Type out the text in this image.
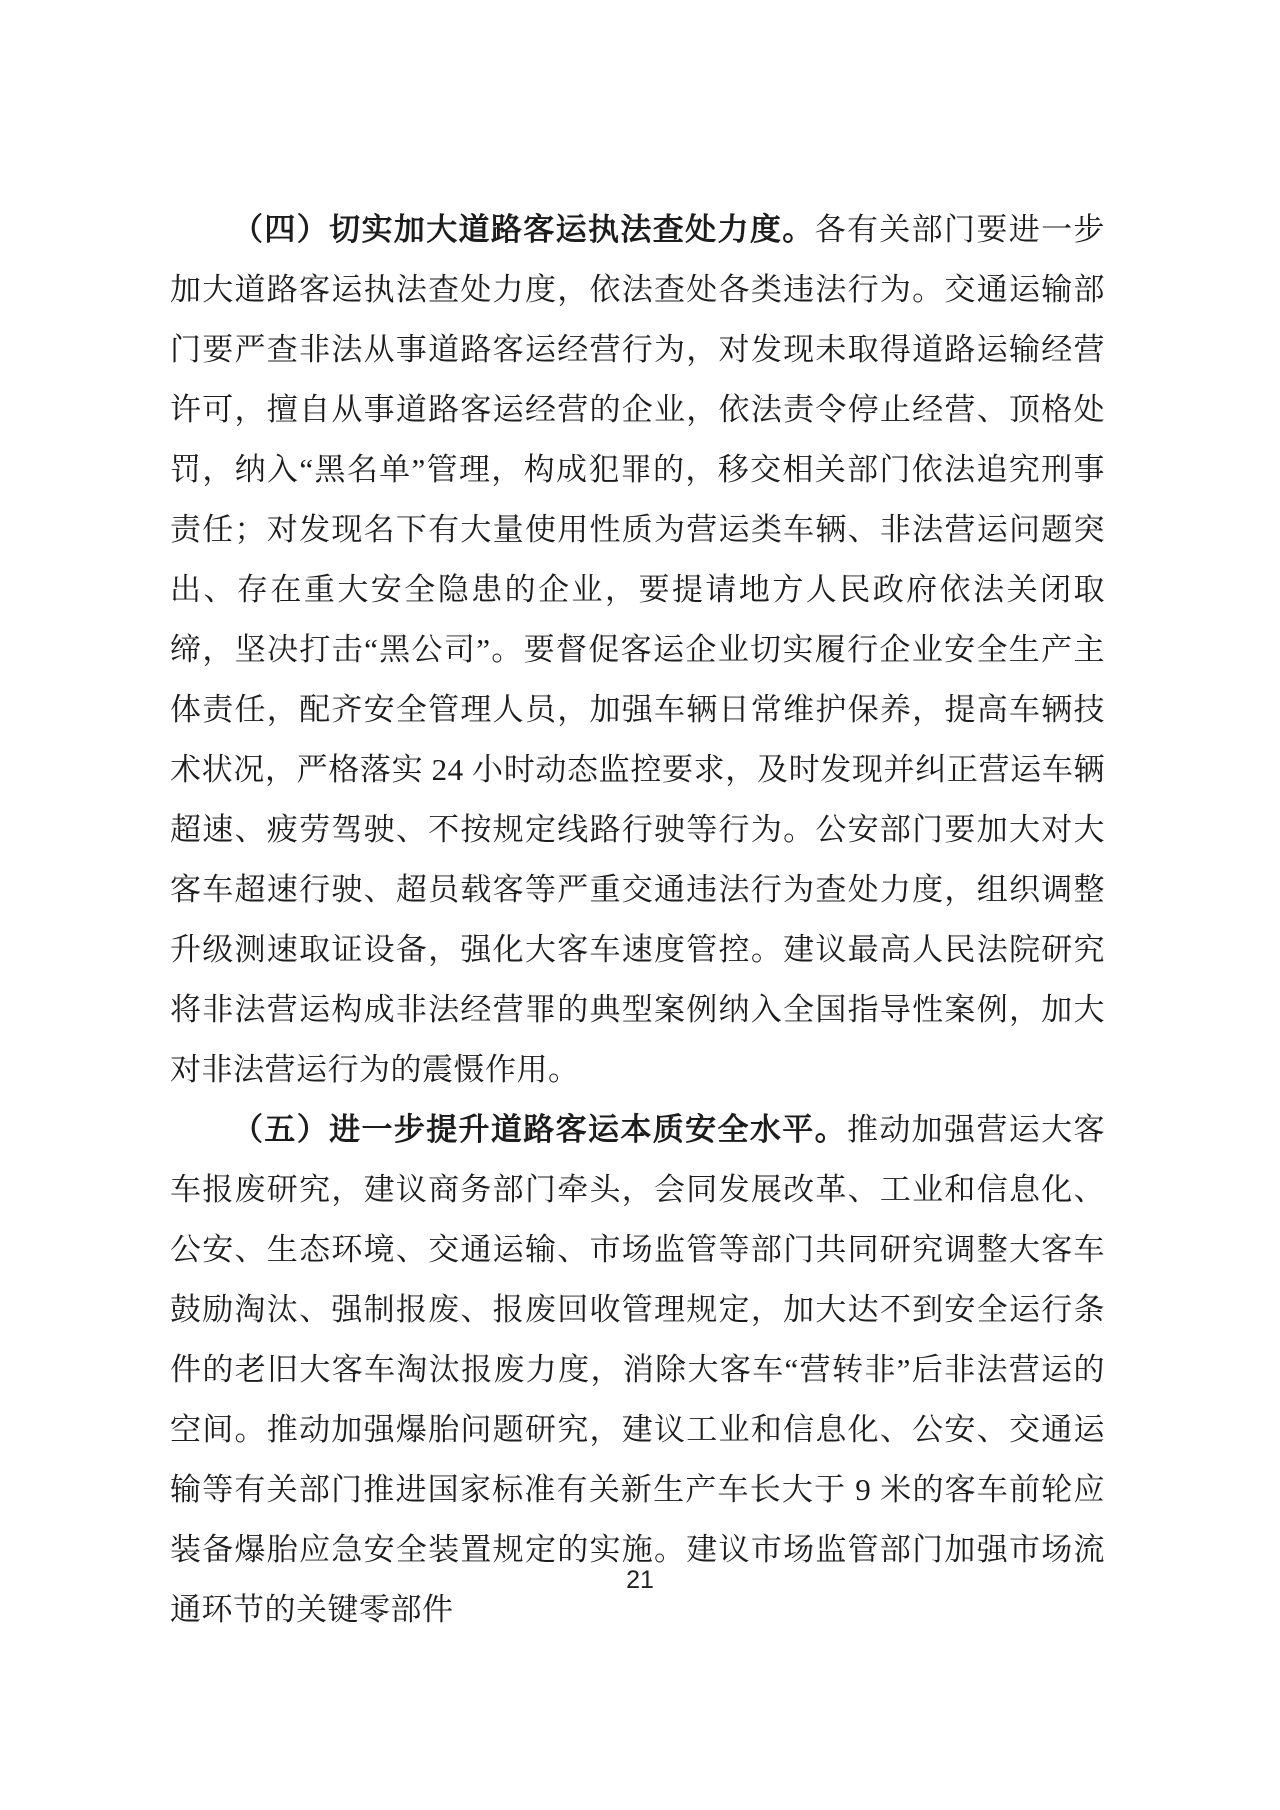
（四）切实加大道路客运执法查处力度。各有关部门要进一步加大道路客运执法查处力度，依法查处各类违法行为。交通运输部门要严查非法从事道路客运经营行为，对发现未取得道路运输经营许可，擅自从事道路客运经营的企业，依法责令停止经营、顶格处罚，纳入“黑名单”管理，构成犯罪的，移交相关部门依法追究刑事责任；对发现名下有大量使用性质为营运类车辆、非法营运问题突出、存在重大安全隐患的企业，要提请地方人民政府依法关闭取缔，坚决打击“黑公司”。要督促客运企业切实履行企业安全生产主体责任，配齐安全管理人员，加强车辆日常维护保养，提高车辆技术状况，严格落实 24 小时动态监控要求，及时发现并纠正营运车辆超速、疲劳驾驶、不按规定线路行驶等行为。公安部门要加大对大客车超速行驶、超员载客等严重交通违法行为查处力度，组织调整升级测速取证设备，强化大客车速度管控。建议最高人民法院研究将非法营运构成非法经营罪的典型案例纳入全国指导性案例，加大对非法营运行为的震慑作用。

（五）进一步提升道路客运本质安全水平。推动加强营运大客车报废研究，建议商务部门牵头，会同发展改革、工业和信息化、公安、生态环境、交通运输、市场监管等部门共同研究调整大客车鼓励淘汰、强制报废、报废回收管理规定，加大达不到安全运行条件的老旧大客车淘汰报废力度，消除大客车“营转非”后非法营运的空间。推动加强爆胎问题研究，建议工业和信息化、公安、交通运输等有关部门推进国家标准有关新生产车长大于 9 米的客车前轮应装备爆胎应急安全装置规定的实施。建议市场监管部门加强市场流通环节的关键零部件

21
